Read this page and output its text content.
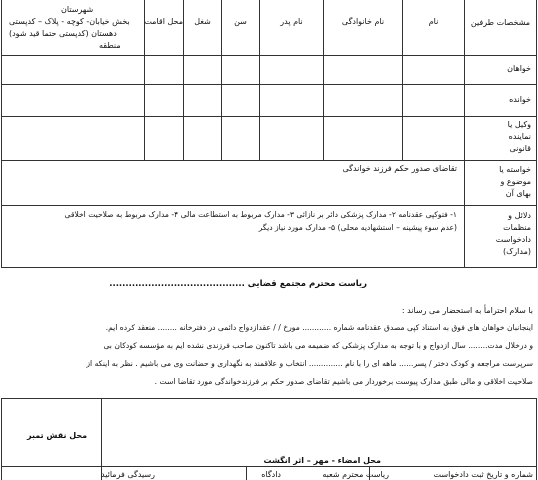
مشخصات طرفین
نام
نام خانوادگی
نام پدر
سن
شغل
محل اقامت
شهرستان
بخش خیابان- کوچه - پلاک – کدپستی
دهستان (کدپستی حتما قید شود)
منطقه
خواهان
خوانده
وکیل یا
نماینده
قانونی
خواسته یا
موضوع و
بهای آن
تقاضای صدور حکم فرزند خواندگی
دلائل و
منظمات
دادخواست
(مدارک)
۱- فتوکپی عقدنامه ۲- مدارک پزشکی دائر بر نازائی ۳- مدارک مربوط به استطاعت مالی ۴- مدارک مربوط به صلاحیت اخلاقی
(عدم سوء پیشینه – استشهادیه محلی) ۵- مدارک مورد نیاز دیگر
ریاست محترم مجتمع قضایی ..........................................
با سلام احترامأ به استحضار می رساند :
اینجانبان خواهان های فوق به استناد کپی مصدق عقدنامه شماره ............ مورخ / / عقدازدواج دائمی در دفترخانه ........ منعقد کرده ایم.
و درخلال مدت........ سال ازدواج و با توجه به مدارک پزشکی که ضمیمه می باشد تاکنون صاحب فرزندی نشده ایم به مؤسسه کودکان بی
سرپرست مراجعه و کودک دختر / پسر...... ماهه ای را با نام .............. انتخاب و علاقمند به نگهداری و حضانت وی می باشیم . نظر به اینکه از
صلاحیت اخلاقی و مالی طبق مدارک پیوست برخوردار می باشیم تقاضای صدور حکم بر فرزندخواندگی مورد تقاضا است .
محل امضاء - مهر – اثر انگشت
محل نقش تمبر
شماره و تاریخ ثبت دادخواست
ریاست محترم شعبه
دادگاه
رسیدگی فرمائید
